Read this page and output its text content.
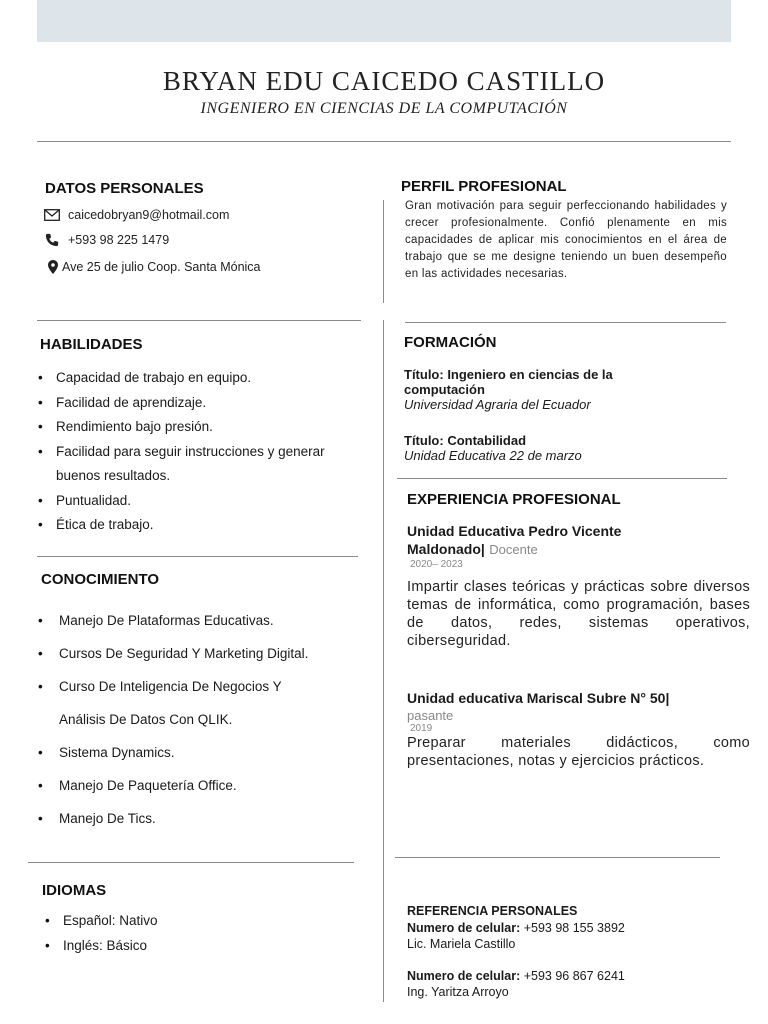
BRYAN EDU CAICEDO CASTILLO
INGENIERO EN CIENCIAS DE LA COMPUTACIÓN
DATOS PERSONALES
caicedobryan9@hotmail.com
+593 98 225 1479
Ave 25 de julio Coop. Santa Mónica
HABILIDADES
• Capacidad de trabajo en equipo.
• Facilidad de aprendizaje.
• Rendimiento bajo presión.
• Facilidad para seguir instrucciones y generar buenos resultados.
• Puntualidad.
• Ética de trabajo.
CONOCIMIENTO
• Manejo De Plataformas Educativas.
• Cursos De Seguridad Y Marketing Digital.
• Curso De Inteligencia De Negocios Y Análisis De Datos Con QLIK.
• Sistema Dynamics.
• Manejo De Paquetería Office.
• Manejo De Tics.
IDIOMAS
• Español: Nativo
• Inglés: Básico
PERFIL PROFESIONAL
Gran motivación para seguir perfeccionando habilidades y crecer profesionalmente. Confió plenamente en mis capacidades de aplicar mis conocimientos en el área de trabajo que se me designe teniendo un buen desempeño en las actividades necesarias.
FORMACIÓN
Título: Ingeniero en ciencias de la computación
Universidad Agraria del Ecuador
Título: Contabilidad
Unidad Educativa 22 de marzo
EXPERIENCIA PROFESIONAL
Unidad Educativa Pedro Vicente Maldonado| Docente
2020– 2023
Impartir clases teóricas y prácticas sobre diversos temas de informática, como programación, bases de datos, redes, sistemas operativos, ciberseguridad.
Unidad educativa Mariscal Subre N° 50|
pasante
2019
Preparar materiales didácticos, como presentaciones, notas y ejercicios prácticos.
REFERENCIA PERSONALES
Numero de celular: +593 98 155 3892
Lic. Mariela Castillo
Numero de celular: +593 96 867 6241
Ing. Yaritza Arroyo
